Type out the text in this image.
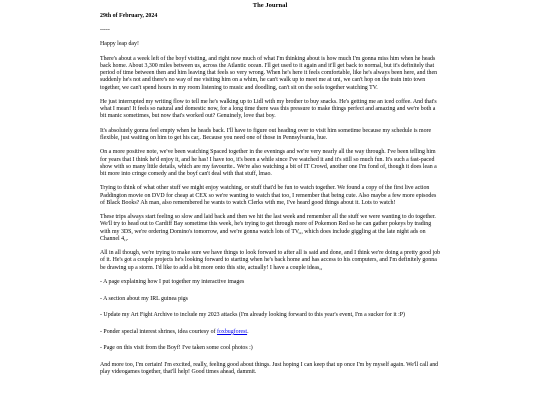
The Journal
29th of February, 2024
-----

Happy leap day!

There's about a week left of the boyf visiting, and right now much of what I'm thinking about is how much I'm gonna miss him when he heads back home. About 3,300 miles between us, across the Atlantic ocean. I'll get used to it again and it'll get back to normal, but it's definitely that period of time between then and him leaving that feels so very wrong. When he's here it feels comfortable, like he's always been here, and then suddenly he's not and there's no way of me visiting him on a whim, he can't walk up to meet me at uni, we can't hop on the train into town together, we can't spend hours in my room listening to music and doodling, can't sit on the sofa together watching TV.

He just interrupted my writing flow to tell me he's walking up to Lidl with my brother to buy snacks. He's getting me an iced coffee. And that's what I mean! It feels so natural and domestic now, for a long time there was this pressure to make things perfect and amazing and we're both a bit manic sometimes, but now that's worked out? Genuinely, love that boy.

It's absolutely gonna feel empty when he heads back. I'll have to figure out heading over to visit him sometime because my schedule is more flexible, just waiting on him to get his car,. Because you need one of those in Pennsylvania, hue.

On a more positive note, we've been watching Spaced together in the evenings and we're very nearly all the way through. I've been telling him for years that I think he'd enjoy it, and he has! I have too, it's been a while since I've watched it and it's still so much fun. It's such a fast-paced show with so many little details, which are my favourite.. We're also watching a bit of IT Crowd, another one I'm fond of, though it does lean a bit more into cringe comedy and the boyf can't deal with that stuff, lmao.

Trying to think of what other stuff we might enjoy watching, or stuff that'd be fun to watch together. We found a copy of the first live action Paddington movie on DVD for cheap at CEX so we're wanting to watch that too, I remember that being cute. Also maybe a few more episodes of Black Books? Ah man, also remembered he wants to watch Clerks with me, I've heard good things about it. Lots to watch!

These trips always start feeling so slow and laid back and then we hit the last week and remember all the stuff we were wanting to do together. We'll try to head out to Cardiff Bay sometime this week, he's trying to get through more of Pokemon Red so he can gather pokeys by trading with my 3DS, we're ordering Domino's tomorrow, and we're gonna watch lots of TV,,, which does include giggling at the late night ads on Channel 4,,.

All in all though, we're trying to make sure we have things to look forward to after all is said and done, and I think we're doing a pretty good job of it. He's got a couple projects he's looking forward to starting when he's back home and has access to his computers, and I'm definitely gonna be drawing up a storm. I'd like to add a bit more onto this site, actually! I have a couple ideas,,

- A page explaining how I put together my interactive images

- A section about my IRL guinea pigs

- Update my Art Fight Archive to include my 2023 attacks (I'm already looking forward to this year's event, I'm a sucker for it :P)

- Ponder special interest shrines, idea courtesy of foxbugforest.

- Page on this visit from the Boyf! I've taken some cool photos :)

And more too, I'm certain! I'm excited, really, feeling good about things. Just hoping I can keep that up once I'm by myself again. We'll call and play videogames together, that'll help! Good times ahead, dammit.
